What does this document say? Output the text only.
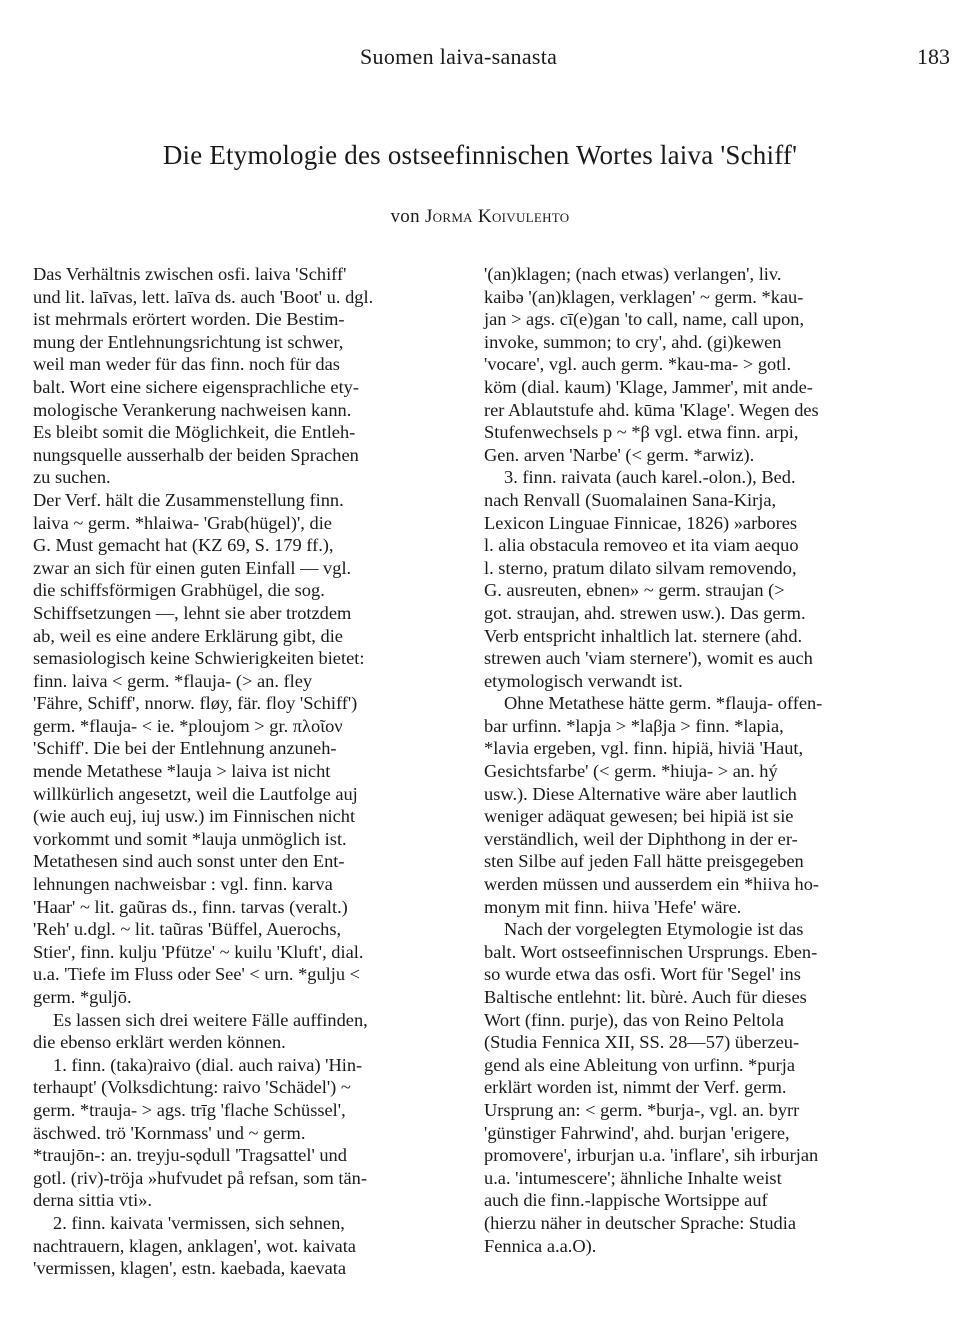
Suomen laiva-sanasta	183
Die Etymologie des ostseefinnischen Wortes laiva 'Schiff'
von Jorma Koivulehto
Das Verhältnis zwischen osfi. laiva 'Schiff'
und lit. laīvas, lett. laīva ds. auch 'Boot' u. dgl.
ist mehrmals erörtert worden. Die Bestim-
mung der Entlehnungsrichtung ist schwer,
weil man weder für das finn. noch für das
balt. Wort eine sichere eigensprachliche ety-
mologische Verankerung nachweisen kann.
Es bleibt somit die Möglichkeit, die Entleh-
nungsquelle ausserhalb der beiden Sprachen
zu suchen.
Der Verf. hält die Zusammenstellung finn.
laiva ~ germ. *hlaiwa- 'Grab(hügel)', die
G. Must gemacht hat (KZ 69, S. 179 ff.),
zwar an sich für einen guten Einfall — vgl.
die schiffsförmigen Grabhügel, die sog.
Schiffsetzungen —, lehnt sie aber trotzdem
ab, weil es eine andere Erklärung gibt, die
semasiologisch keine Schwierigkeiten bietet:
finn. laiva < germ. *flauja- (> an. fley
'Fähre, Schiff', nnorw. fløy, fär. floy 'Schiff')
germ. *flauja- < ie. *ploujom > gr. πλοῖον
'Schiff'. Die bei der Entlehnung anzuneh-
mende Metathese *lauja > laiva ist nicht
willkürlich angesetzt, weil die Lautfolge auj
(wie auch euj, iuj usw.) im Finnischen nicht
vorkommt und somit *lauja unmöglich ist.
Metathesen sind auch sonst unter den Ent-
lehnungen nachweisbar : vgl. finn. karva
'Haar' ~ lit. gaũras ds., finn. tarvas (veralt.)
'Reh' u.dgl. ~ lit. taũras 'Büffel, Auerochs,
Stier', finn. kulju 'Pfütze' ~ kuilu 'Kluft', dial.
u.a. 'Tiefe im Fluss oder See' < urn. *gulju <
germ. *guljō.
Es lassen sich drei weitere Fälle auffinden,
die ebenso erklärt werden können.
1. finn. (taka)raivo (dial. auch raiva) 'Hin-
terhaupt' (Volksdichtung: raivo 'Schädel') ~
germ. *trauja- > ags. trīg 'flache Schüssel',
äschwed. trö 'Kornmass' und ~ germ.
*traujōn-: an. treyju-sǫdull 'Tragsattel' und
gotl. (riv)-tröja »hufvudet på refsan, som tän-
derna sittia vti».
2. finn. kaivata 'vermissen, sich sehnen,
nachtrauern, klagen, anklagen', wot. kaivata
'vermissen, klagen', estn. kaebada, kaevata
'(an)klagen; (nach etwas) verlangen', liv.
kaibə '(an)klagen, verklagen' ~ germ. *kau-
jan > ags. cī(e)gan 'to call, name, call upon,
invoke, summon; to cry', ahd. (gi)kewen
'vocare', vgl. auch germ. *kau-ma- > gotl.
köm (dial. kaum) 'Klage, Jammer', mit ande-
rer Ablautstufe ahd. kūma 'Klage'. Wegen des
Stufenwechsels p ~ *β vgl. etwa finn. arpi,
Gen. arven 'Narbe' (< germ. *arwiz).
3. finn. raivata (auch karel.-olon.), Bed.
nach Renvall (Suomalainen Sana-Kirja,
Lexicon Linguae Finnicae, 1826) »arbores
l. alia obstacula removeo et ita viam aequo
l. sterno, pratum dilato silvam removendo,
G. ausreuten, ebnen» ~ germ. straujan (>
got. straujan, ahd. strewen usw.). Das germ.
Verb entspricht inhaltlich lat. sternere (ahd.
strewen auch 'viam sternere'), womit es auch
etymologisch verwandt ist.
Ohne Metathese hätte germ. *flauja- offen-
bar urfinn. *lapja > *laβja > finn. *lapia,
*lavia ergeben, vgl. finn. hipiä, hiviä 'Haut,
Gesichtsfarbe' (< germ. *hiuja- > an. hý
usw.). Diese Alternative wäre aber lautlich
weniger adäquat gewesen; bei hipiä ist sie
verständlich, weil der Diphthong in der er-
sten Silbe auf jeden Fall hätte preisgegeben
werden müssen und ausserdem ein *hiiva ho-
monym mit finn. hiiva 'Hefe' wäre.
Nach der vorgelegten Etymologie ist das
balt. Wort ostseefinnischen Ursprungs. Eben-
so wurde etwa das osfi. Wort für 'Segel' ins
Baltische entlehnt: lit. bùrė. Auch für dieses
Wort (finn. purje), das von Reino Peltola
(Studia Fennica XII, SS. 28—57) überzeu-
gend als eine Ableitung von urfinn. *purja
erklärt worden ist, nimmt der Verf. germ.
Ursprung an: < germ. *burja-, vgl. an. byrr
'günstiger Fahrwind', ahd. burjan 'erigere,
promovere', irburjan u.a. 'inflare', sih irburjan
u.a. 'intumescere'; ähnliche Inhalte weist
auch die finn.-lappische Wortsippe auf
(hierzu näher in deutscher Sprache: Studia
Fennica a.a.O).
